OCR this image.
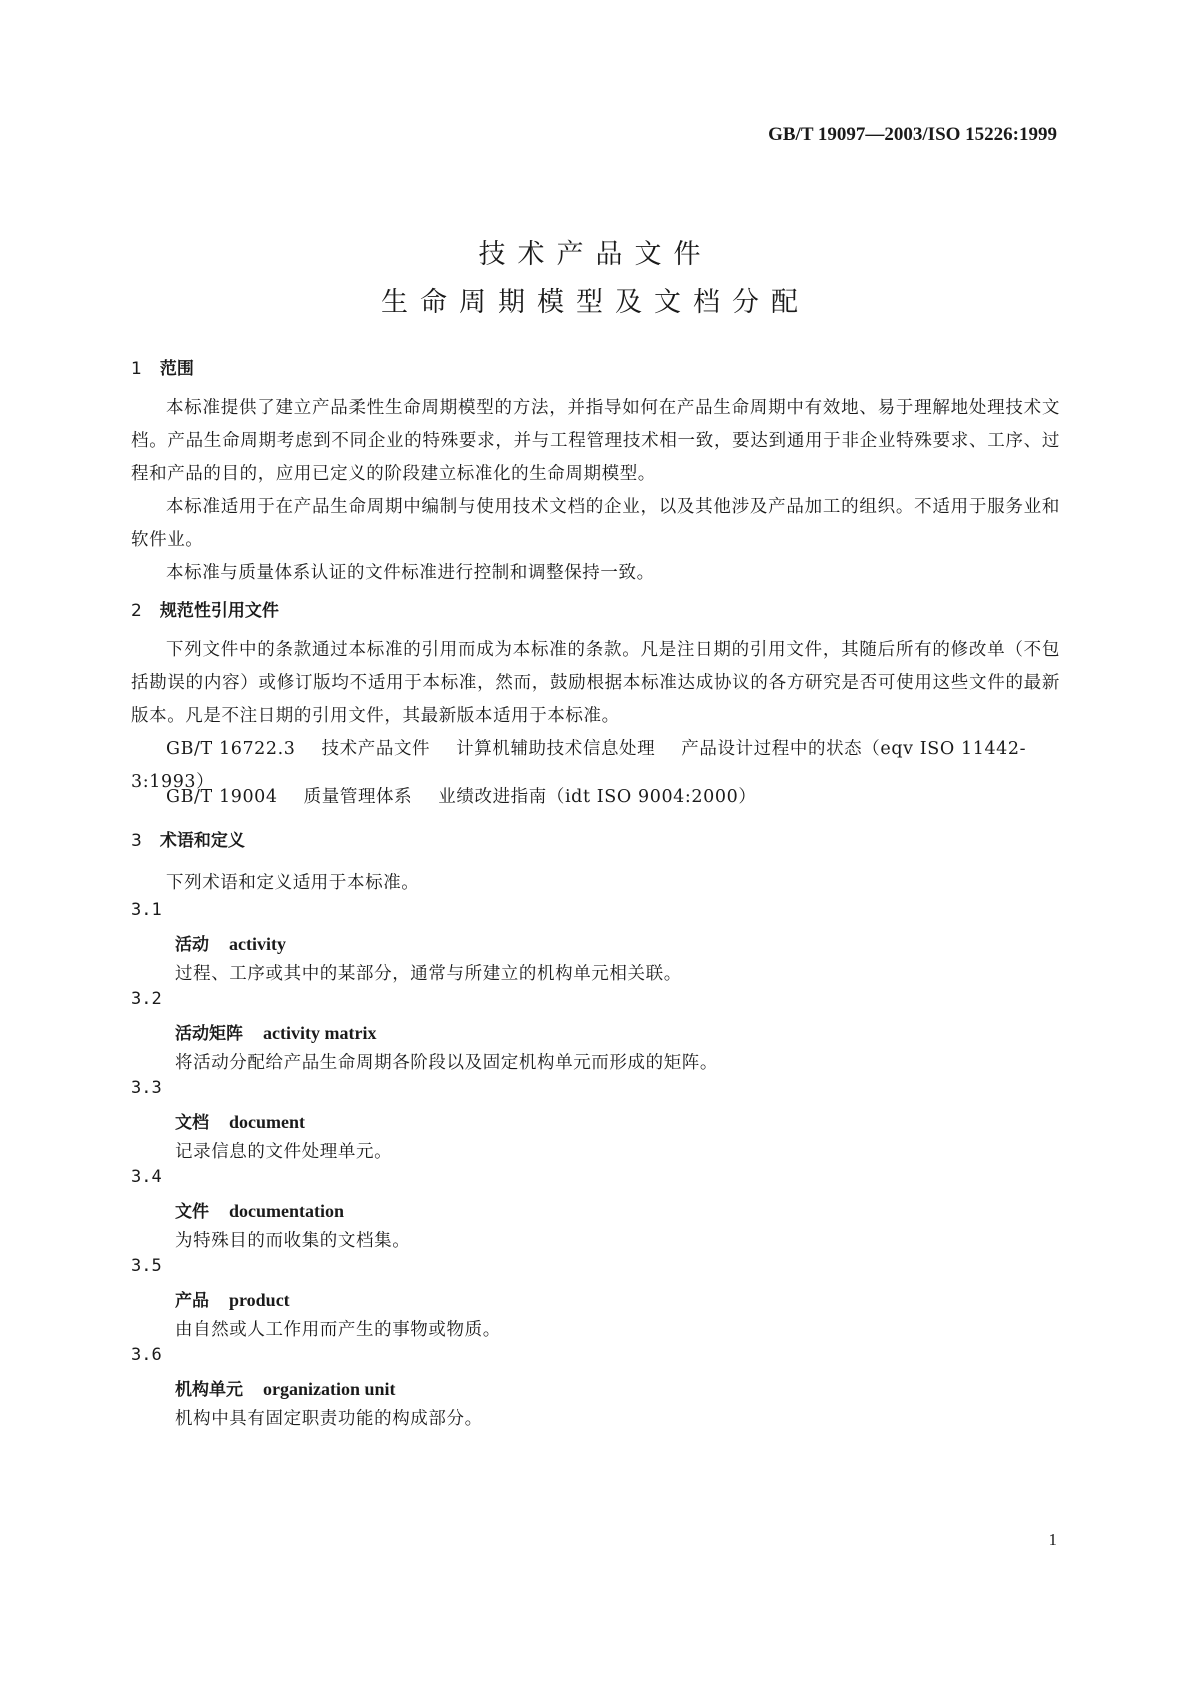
GB/T 19097—2003/ISO 15226:1999
技术产品文件
生命周期模型及文档分配
1 范围
本标准提供了建立产品柔性生命周期模型的方法，并指导如何在产品生命周期中有效地、易于理解地处理技术文档。产品生命周期考虑到不同企业的特殊要求，并与工程管理技术相一致，要达到通用于非企业特殊要求、工序、过程和产品的目的，应用已定义的阶段建立标准化的生命周期模型。
本标准适用于在产品生命周期中编制与使用技术文档的企业，以及其他涉及产品加工的组织。不适用于服务业和软件业。
本标准与质量体系认证的文件标准进行控制和调整保持一致。
2 规范性引用文件
下列文件中的条款通过本标准的引用而成为本标准的条款。凡是注日期的引用文件，其随后所有的修改单（不包括勘误的内容）或修订版均不适用于本标准，然而，鼓励根据本标准达成协议的各方研究是否可使用这些文件的最新版本。凡是不注日期的引用文件，其最新版本适用于本标准。
GB/T 16722.3 技术产品文件 计算机辅助技术信息处理 产品设计过程中的状态（eqv ISO 11442-3:1993）
GB/T 19004 质量管理体系 业绩改进指南（idt ISO 9004:2000）
3 术语和定义
下列术语和定义适用于本标准。
3.1
活动 activity
过程、工序或其中的某部分，通常与所建立的机构单元相关联。
3.2
活动矩阵 activity matrix
将活动分配给产品生命周期各阶段以及固定机构单元而形成的矩阵。
3.3
文档 document
记录信息的文件处理单元。
3.4
文件 documentation
为特殊目的而收集的文档集。
3.5
产品 product
由自然或人工作用而产生的事物或物质。
3.6
机构单元 organization unit
机构中具有固定职责功能的构成部分。
1
